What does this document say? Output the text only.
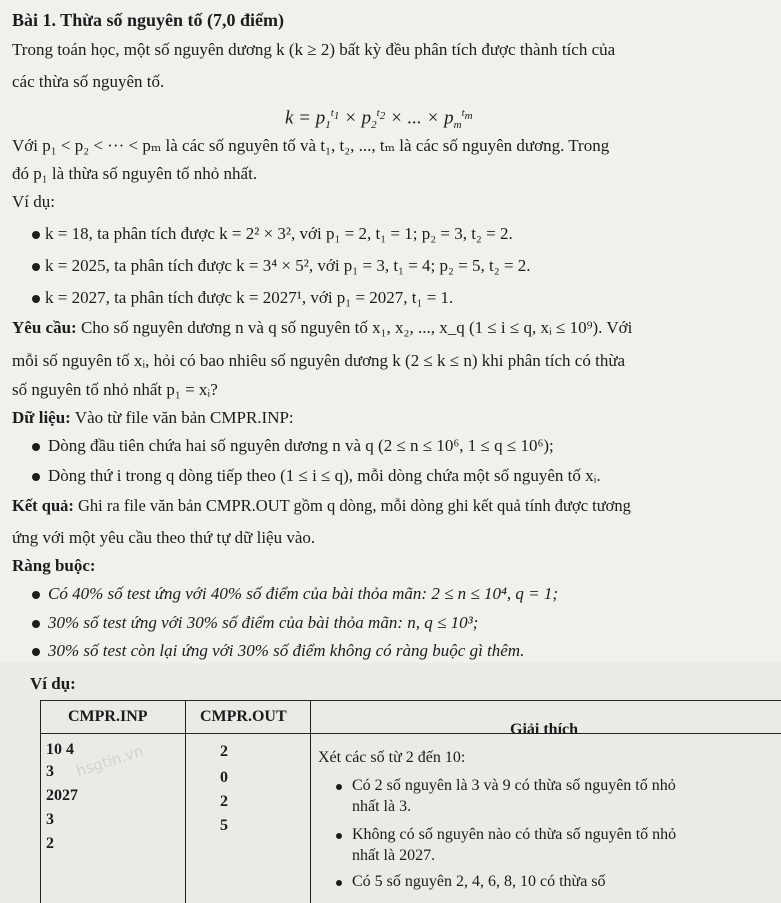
Bài 1. Thừa số nguyên tố (7,0 điểm)
Trong toán học, một số nguyên dương k (k ≥ 2) bất kỳ đều phân tích được thành tích của
các thừa số nguyên tố.
$k = p_1^{t_1} \times p_2^{t_2}$ × ... × $p_m^{t_m}$
Với p₁ < p₂ < ··· < pₘ là các số nguyên tố và t₁, t₂, ..., tₘ là các số nguyên dương. Trong
đó p₁ là thừa số nguyên tố nhỏ nhất.
Ví dụ:
k = 18, ta phân tích được k = 2² × 3², với p₁ = 2, t₁ = 1; p₂ = 3, t₂ = 2.
k = 2025, ta phân tích được k = 3⁴ × 5², với p₁ = 3, t₁ = 4; p₂ = 5, t₂ = 2.
k = 2027, ta phân tích được k = 2027¹, với p₁ = 2027, t₁ = 1.
Yêu cầu: Cho số nguyên dương n và q số nguyên tố x₁, x₂, ..., x_q (1 ≤ i ≤ q, xᵢ ≤ 10⁹). Với
mỗi số nguyên tố xᵢ, hỏi có bao nhiêu số nguyên dương k (2 ≤ k ≤ n) khi phân tích có thừa
số nguyên tố nhỏ nhất p₁ = xᵢ?
Dữ liệu: Vào từ file văn bản CMPR.INP:
Dòng đầu tiên chứa hai số nguyên dương n và q (2 ≤ n ≤ 10⁶, 1 ≤ q ≤ 10⁶);
Dòng thứ i trong q dòng tiếp theo (1 ≤ i ≤ q), mỗi dòng chứa một số nguyên tố xᵢ.
Kết quả: Ghi ra file văn bản CMPR.OUT gồm q dòng, mỗi dòng ghi kết quả tính được tương
ứng với một yêu cầu theo thứ tự dữ liệu vào.
Ràng buộc:
Có 40% số test ứng với 40% số điểm của bài thỏa mãn: 2 ≤ n ≤ 10⁴, q = 1;
30% số test ứng với 30% số điểm của bài thỏa mãn: n, q ≤ 10³;
30% số test còn lại ứng với 30% số điểm không có ràng buộc gì thêm.
Ví dụ:
CMPR.INP	CMPR.OUT
Giải thích
10 4
3
2027
3
2
2
0
2
5
Xét các số từ 2 đến 10:
Có 2 số nguyên là 3 và 9 có thừa số nguyên tố nhỏ
nhất là 3.
Không có số nguyên nào có thừa số nguyên tố nhỏ
nhất là 2027.
Có 5 số nguyên 2, 4, 6, 8, 10 có thừa số
hsgtin.vn
